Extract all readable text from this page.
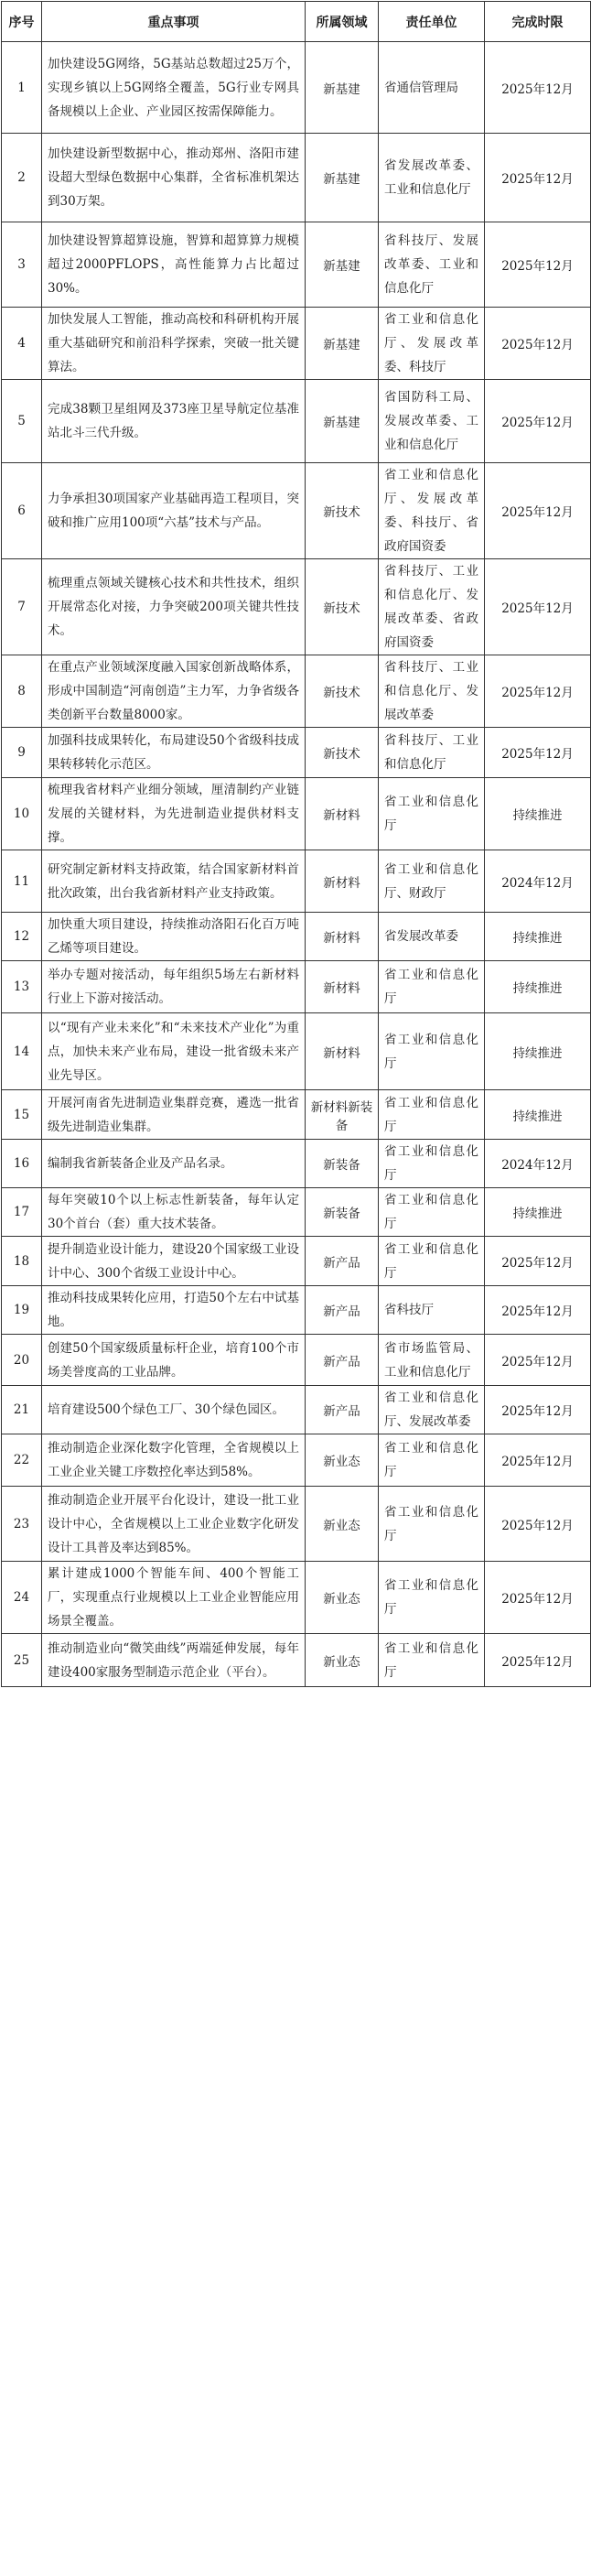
序号	重点事项	所属领域	责任单位	完成时限
1	加快建设5G网络，5G基站总数超过25万个，实现乡镇以上5G网络全覆盖，5G行业专网具备规模以上企业、产业园区按需保障能力。	新基建	省通信管理局	2025年12月
2	加快建设新型数据中心，推动郑州、洛阳市建设超大型绿色数据中心集群，全省标准机架达到30万架。	新基建	省发展改革委、工业和信息化厅	2025年12月
3	加快建设智算超算设施，智算和超算算力规模超过2000PFLOPS，高性能算力占比超过30%。	新基建	省科技厅、发展改革委、工业和信息化厅	2025年12月
4	加快发展人工智能，推动高校和科研机构开展重大基础研究和前沿科学探索，突破一批关键算法。	新基建	省工业和信息化厅、发展改革委、科技厅	2025年12月
5	完成38颗卫星组网及373座卫星导航定位基准站北斗三代升级。	新基建	省国防科工局、发展改革委、工业和信息化厅	2025年12月
6	力争承担30项国家产业基础再造工程项目，突破和推广应用100项“六基”技术与产品。	新技术	省工业和信息化厅、发展改革委、科技厅、省政府国资委	2025年12月
7	梳理重点领域关键核心技术和共性技术，组织开展常态化对接，力争突破200项关键共性技术。	新技术	省科技厅、工业和信息化厅、发展改革委、省政府国资委	2025年12月
8	在重点产业领域深度融入国家创新战略体系，形成中国制造“河南创造”主力军，力争省级各类创新平台数量8000家。	新技术	省科技厅、工业和信息化厅、发展改革委	2025年12月
9	加强科技成果转化，布局建设50个省级科技成果转移转化示范区。	新技术	省科技厅、工业和信息化厅	2025年12月
10	梳理我省材料产业细分领域，厘清制约产业链发展的关键材料，为先进制造业提供材料支撑。	新材料	省工业和信息化厅	持续推进
11	研究制定新材料支持政策，结合国家新材料首批次政策，出台我省新材料产业支持政策。	新材料	省工业和信息化厅、财政厅	2024年12月
12	加快重大项目建设，持续推动洛阳石化百万吨乙烯等项目建设。	新材料	省发展改革委	持续推进
13	举办专题对接活动，每年组织5场左右新材料行业上下游对接活动。	新材料	省工业和信息化厅	持续推进
14	以“现有产业未来化”和“未来技术产业化”为重点，加快未来产业布局，建设一批省级未来产业先导区。	新材料	省工业和信息化厅	持续推进
15	开展河南省先进制造业集群竞赛，遴选一批省级先进制造业集群。	新材料新装备	省工业和信息化厅	持续推进
16	编制我省新装备企业及产品名录。	新装备	省工业和信息化厅	2024年12月
17	每年突破10个以上标志性新装备，每年认定30个首台（套）重大技术装备。	新装备	省工业和信息化厅	持续推进
18	提升制造业设计能力，建设20个国家级工业设计中心、300个省级工业设计中心。	新产品	省工业和信息化厅	2025年12月
19	推动科技成果转化应用，打造50个左右中试基地。	新产品	省科技厅	2025年12月
20	创建50个国家级质量标杆企业，培育100个市场美誉度高的工业品牌。	新产品	省市场监管局、工业和信息化厅	2025年12月
21	培育建设500个绿色工厂、30个绿色园区。	新产品	省工业和信息化厅、发展改革委	2025年12月
22	推动制造企业深化数字化管理，全省规模以上工业企业关键工序数控化率达到58%。	新业态	省工业和信息化厅	2025年12月
23	推动制造企业开展平台化设计，建设一批工业设计中心，全省规模以上工业企业数字化研发设计工具普及率达到85%。	新业态	省工业和信息化厅	2025年12月
24	累计建成1000个智能车间、400个智能工厂，实现重点行业规模以上工业企业智能应用场景全覆盖。	新业态	省工业和信息化厅	2025年12月
25	推动制造业向“微笑曲线”两端延伸发展，每年建设400家服务型制造示范企业（平台）。	新业态	省工业和信息化厅	2025年12月
